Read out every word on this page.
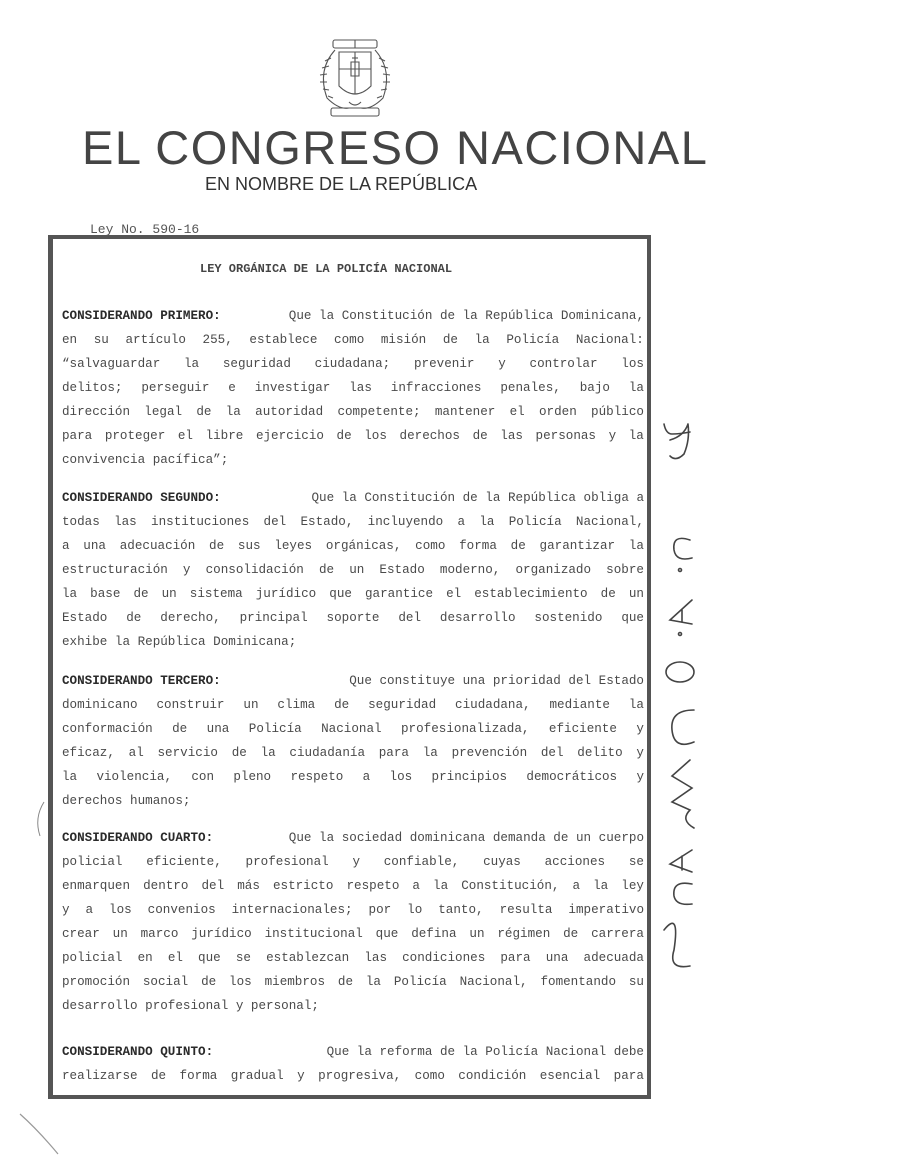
EL CONGRESO NACIONAL
EN NOMBRE DE LA REPÚBLICA
Ley No. 590-16
LEY ORGÁNICA DE LA POLICÍA NACIONAL
CONSIDERANDO PRIMERO:	Que la Constitución de la República Dominicana,
en su artículo 255, establece como misión de la Policía Nacional:
“salvaguardar la seguridad ciudadana; prevenir y controlar los
delitos; perseguir e investigar las infracciones penales, bajo la
dirección legal de la autoridad competente; mantener el orden público
para proteger el libre ejercicio de los derechos de las personas y la
convivencia pacífica”;
CONSIDERANDO SEGUNDO:	Que la Constitución de la República obliga a
todas las instituciones del Estado, incluyendo a la Policía Nacional,
a una adecuación de sus leyes orgánicas, como forma de garantizar la
estructuración y consolidación de un Estado moderno, organizado sobre
la base de un sistema jurídico que garantice el establecimiento de un
Estado de derecho, principal soporte del desarrollo sostenido que
exhibe la República Dominicana;
CONSIDERANDO TERCERO:	Que constituye una prioridad del Estado
dominicano construir un clima de seguridad ciudadana, mediante la
conformación de una Policía Nacional profesionalizada, eficiente y
eficaz, al servicio de la ciudadanía para la prevención del delito y
la violencia, con pleno respeto a los principios democráticos y
derechos humanos;
CONSIDERANDO CUARTO:	Que la sociedad dominicana demanda de un cuerpo
policial eficiente, profesional y confiable, cuyas acciones se
enmarquen dentro del más estricto respeto a la Constitución, a la ley
y a los convenios internacionales; por lo tanto, resulta imperativo
crear un marco jurídico institucional que defina un régimen de carrera
policial en el que se establezcan las condiciones para una adecuada
promoción social de los miembros de la Policía Nacional, fomentando su
desarrollo profesional y personal;
CONSIDERANDO QUINTO:	Que la reforma de la Policía Nacional debe
realizarse de forma gradual y progresiva, como condición esencial para
